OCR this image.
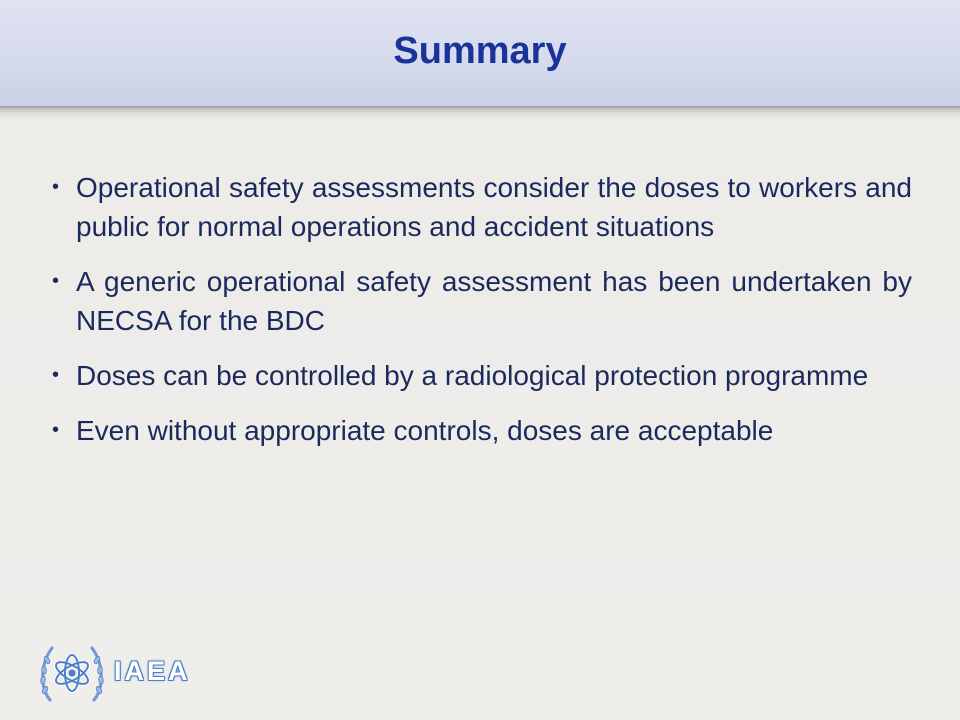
Summary
• Operational safety assessments consider the doses to workers and public for normal operations and accident situations
• A generic operational safety assessment has been undertaken by NECSA for the BDC
• Doses can be controlled by a radiological protection programme
• Even without appropriate controls, doses are acceptable
IAEA
